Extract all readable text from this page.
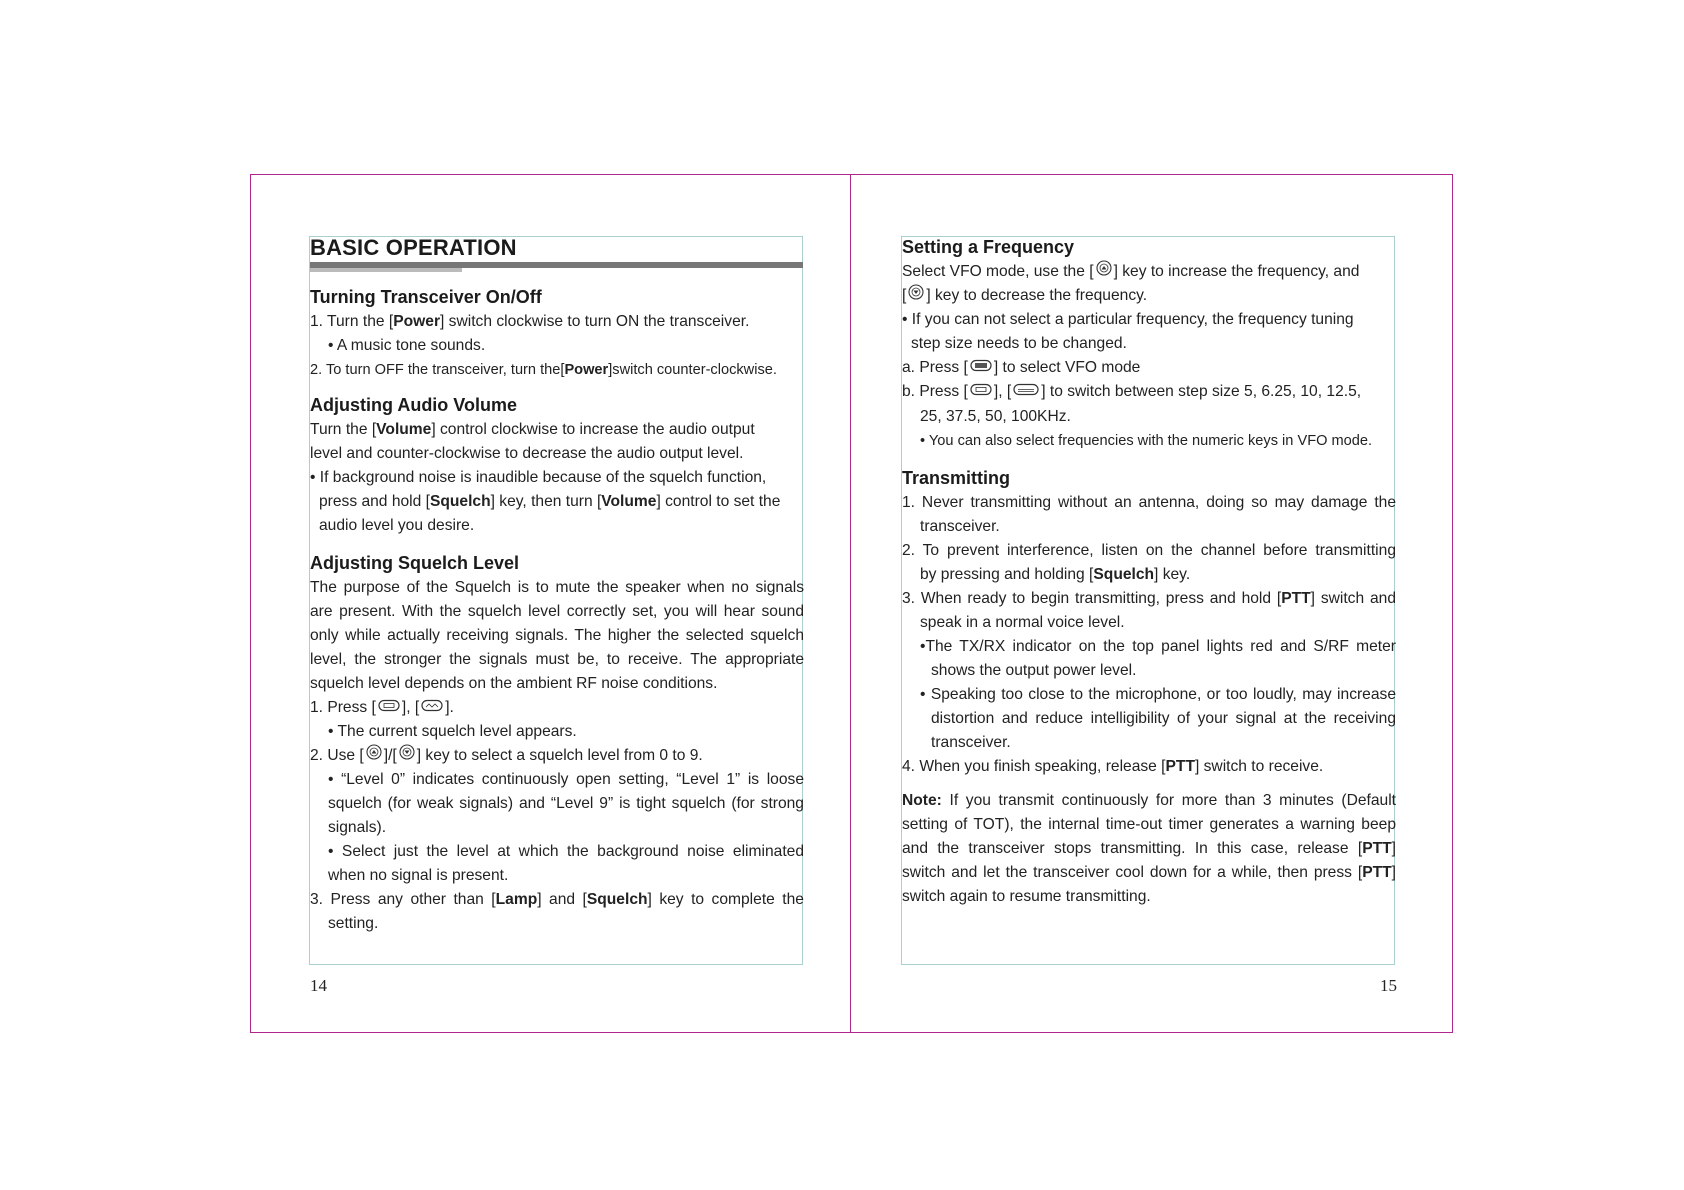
BASIC OPERATION
Turning Transceiver On/Off
1. Turn the [Power] switch clockwise to turn ON the transceiver.
• A music tone sounds.
2. To turn OFF the transceiver, turn the[Power]switch counter-clockwise.
Adjusting Audio Volume
Turn the [Volume] control clockwise to increase the audio output
level and counter-clockwise to decrease the audio output level.
• If background noise is inaudible because of the squelch function,
press and hold [Squelch] key, then turn [Volume] control to set the
audio level you desire.
Adjusting Squelch Level
The purpose of the Squelch is to mute the speaker when no signals
are present. With the squelch level correctly set, you will hear sound
only while actually receiving signals. The higher the selected squelch
level, the stronger the signals must be, to receive. The appropriate
squelch level depends on the ambient RF noise conditions.
1. Press [ ], [ ].
• The current squelch level appears.
2. Use [ ]/[ ] key to select a squelch level from 0 to 9.
• “Level 0” indicates continuously open setting, “Level 1” is loose
squelch (for weak signals) and “Level 9” is tight squelch (for strong
signals).
• Select just the level at which the background noise eliminated
when no signal is present.
3. Press any other than [Lamp] and [Squelch] key to complete the
setting.
14
Setting a Frequency
Select VFO mode, use the [ ] key to increase the frequency, and
[ ] key to decrease the frequency.
• If you can not select a particular frequency, the frequency tuning
step size needs to be changed.
a. Press [ ] to select VFO mode
b. Press [ ], [ ] to switch between step size 5, 6.25, 10, 12.5,
25, 37.5, 50, 100KHz.
• You can also select frequencies with the numeric keys in VFO mode.
Transmitting
1. Never transmitting without an antenna, doing so may damage the
transceiver.
2. To prevent interference, listen on the channel before transmitting
by pressing and holding [Squelch] key.
3. When ready to begin transmitting, press and hold [PTT] switch and
speak in a normal voice level.
•The TX/RX indicator on the top panel lights red and S/RF meter
shows the output power level.
• Speaking too close to the microphone, or too loudly, may increase
distortion and reduce intelligibility of your signal at the receiving
transceiver.
4. When you finish speaking, release [PTT] switch to receive.
Note: If you transmit continuously for more than 3 minutes (Default
setting of TOT), the internal time-out timer generates a warning beep
and the transceiver stops transmitting. In this case, release [PTT]
switch and let the transceiver cool down for a while, then press [PTT]
switch again to resume transmitting.
15
